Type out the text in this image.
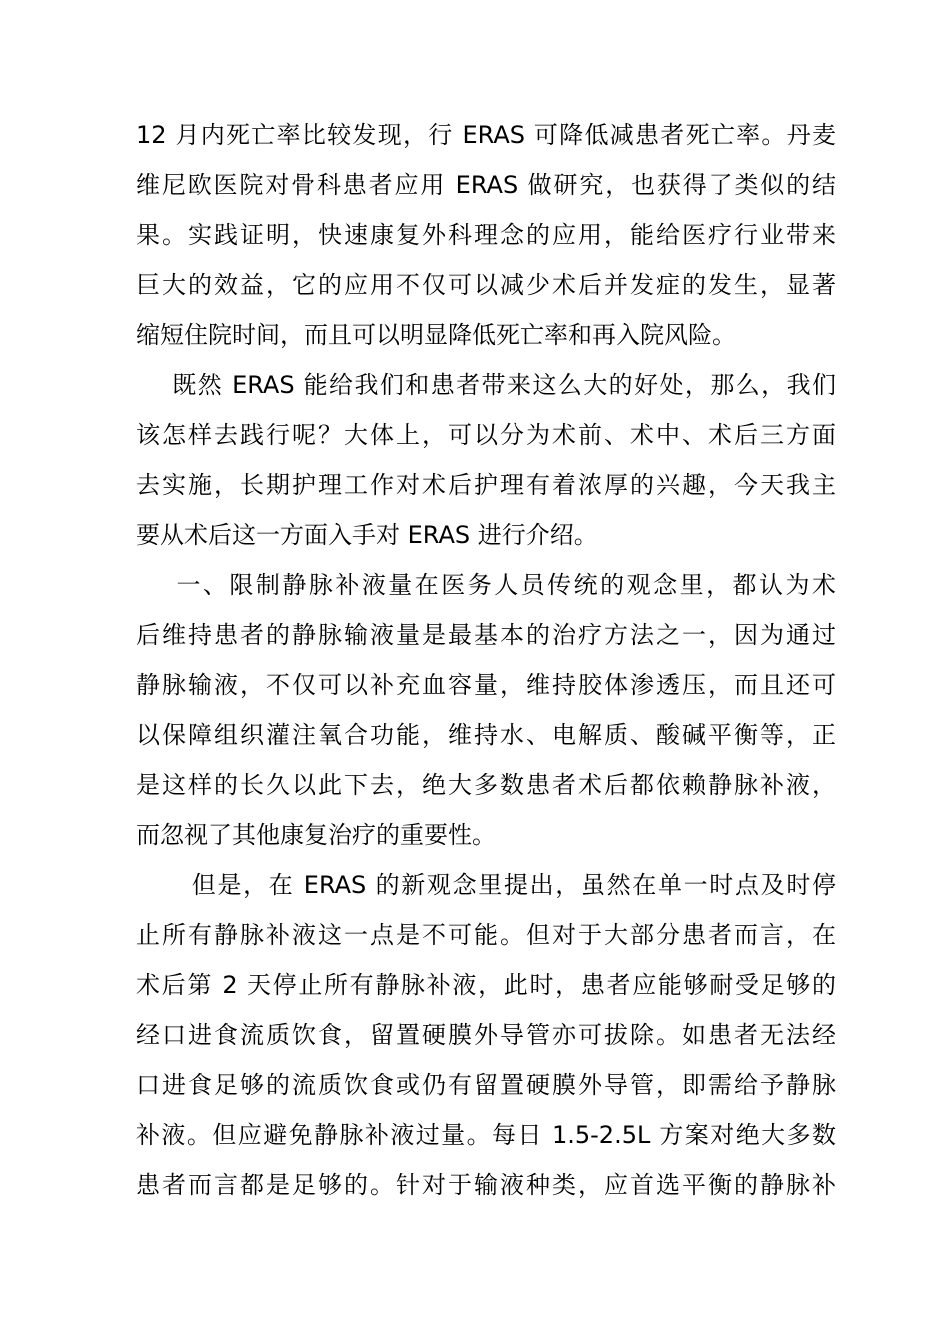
12 月内死亡率比较发现，行 ERAS 可降低减患者死亡率。丹麦
维尼欧医院对骨科患者应用 ERAS 做研究，也获得了类似的结
果。实践证明，快速康复外科理念的应用，能给医疗行业带来
巨大的效益，它的应用不仅可以减少术后并发症的发生，显著
缩短住院时间，而且可以明显降低死亡率和再入院风险。
既然 ERAS 能给我们和患者带来这么大的好处，那么，我们
该怎样去践行呢？大体上，可以分为术前、术中、术后三方面
去实施，长期护理工作对术后护理有着浓厚的兴趣，今天我主
要从术后这一方面入手对 ERAS 进行介绍。
一、限制静脉补液量在医务人员传统的观念里，都认为术
后维持患者的静脉输液量是最基本的治疗方法之一，因为通过
静脉输液，不仅可以补充血容量，维持胶体渗透压，而且还可
以保障组织灌注氧合功能，维持水、电解质、酸碱平衡等，正
是这样的长久以此下去，绝大多数患者术后都依赖静脉补液，
而忽视了其他康复治疗的重要性。
但是，在 ERAS 的新观念里提出，虽然在单一时点及时停
止所有静脉补液这一点是不可能。但对于大部分患者而言，在
术后第 2 天停止所有静脉补液，此时，患者应能够耐受足够的
经口进食流质饮食，留置硬膜外导管亦可拔除。如患者无法经
口进食足够的流质饮食或仍有留置硬膜外导管，即需给予静脉
补液。但应避免静脉补液过量。每日 1.5-2.5L 方案对绝大多数
患者而言都是足够的。针对于输液种类，应首选平衡的静脉补
